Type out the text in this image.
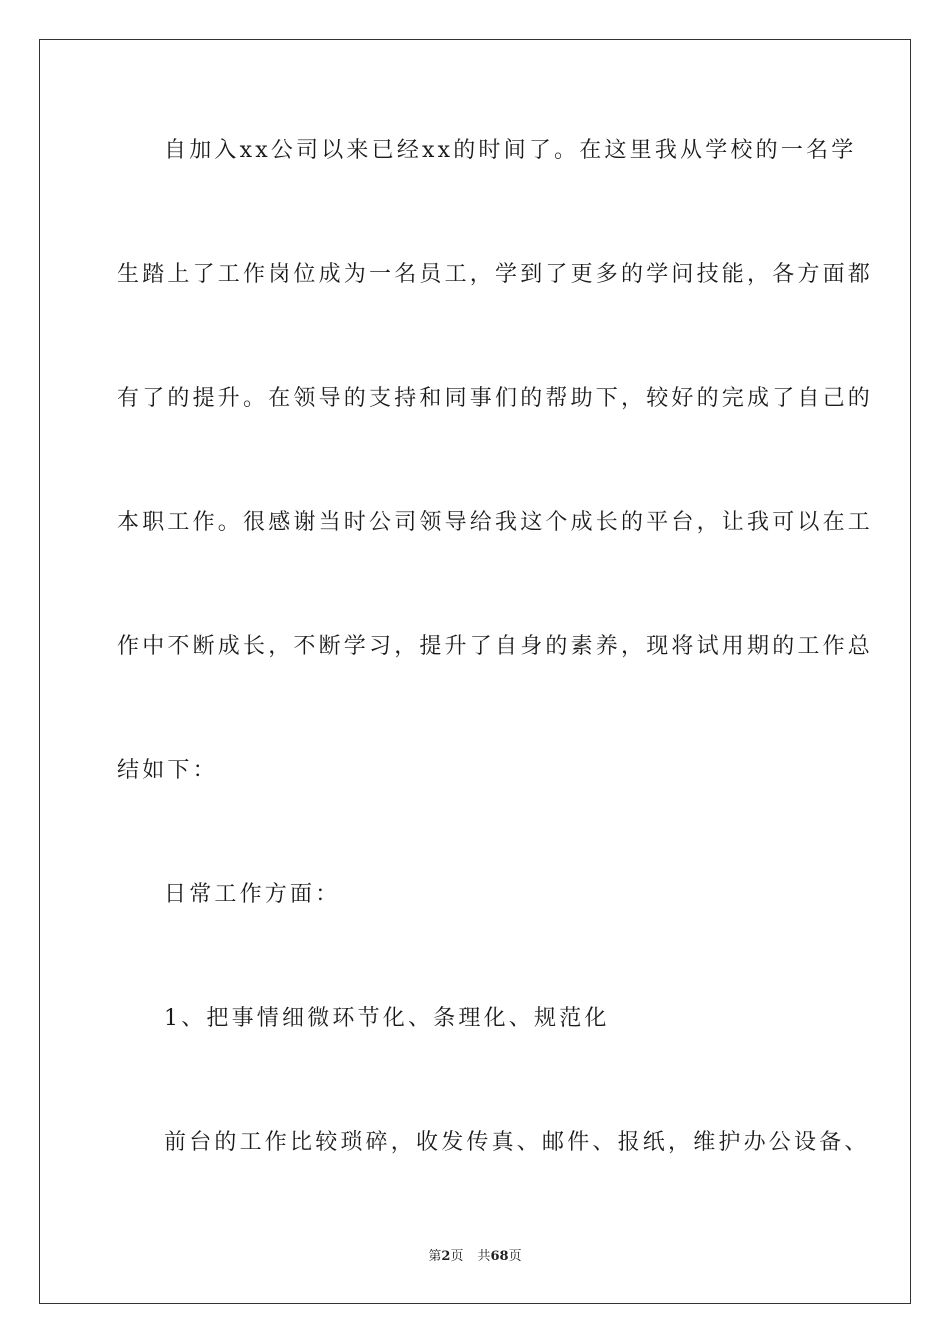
自加入xx公司以来已经xx的时间了。在这里我从学校的一名学
生踏上了工作岗位成为一名员工，学到了更多的学问技能，各方面都
有了的提升。在领导的支持和同事们的帮助下，较好的完成了自己的
本职工作。很感谢当时公司领导给我这个成长的平台，让我可以在工
作中不断成长，不断学习，提升了自身的素养，现将试用期的工作总
结如下：
日常工作方面：
1、把事情细微环节化、条理化、规范化
前台的工作比较琐碎，收发传真、邮件、报纸，维护办公设备、
第2页 共68页
